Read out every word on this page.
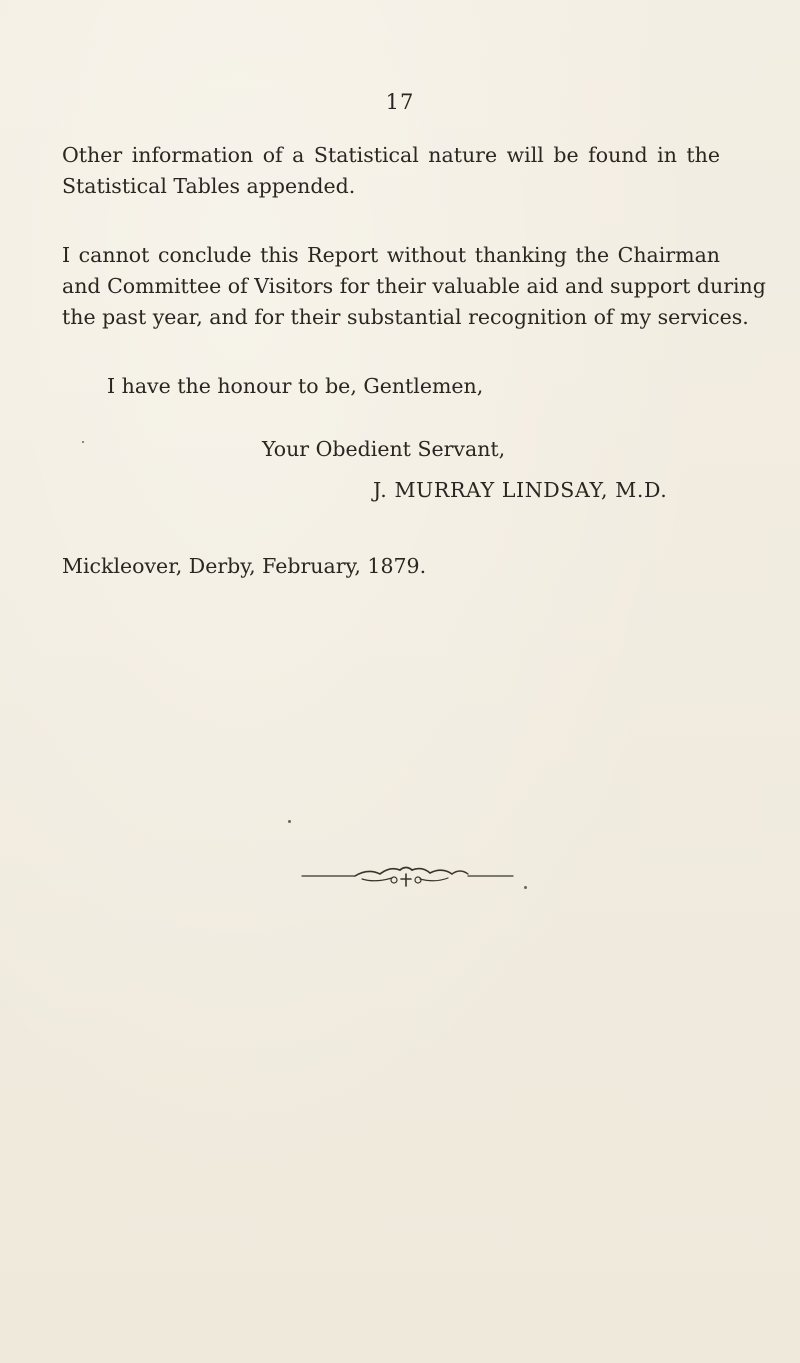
17

Other information of a Statistical nature will be found in the
Statistical Tables appended.

I cannot conclude this Report without thanking the Chairman
and Committee of Visitors for their valuable aid and support during
the past year, and for their substantial recognition of my services.

I have the honour to be, Gentlemen,
Your Obedient Servant,
J. MURRAY LINDSAY, M.D.
Mickleover, Derby, February, 1879.
